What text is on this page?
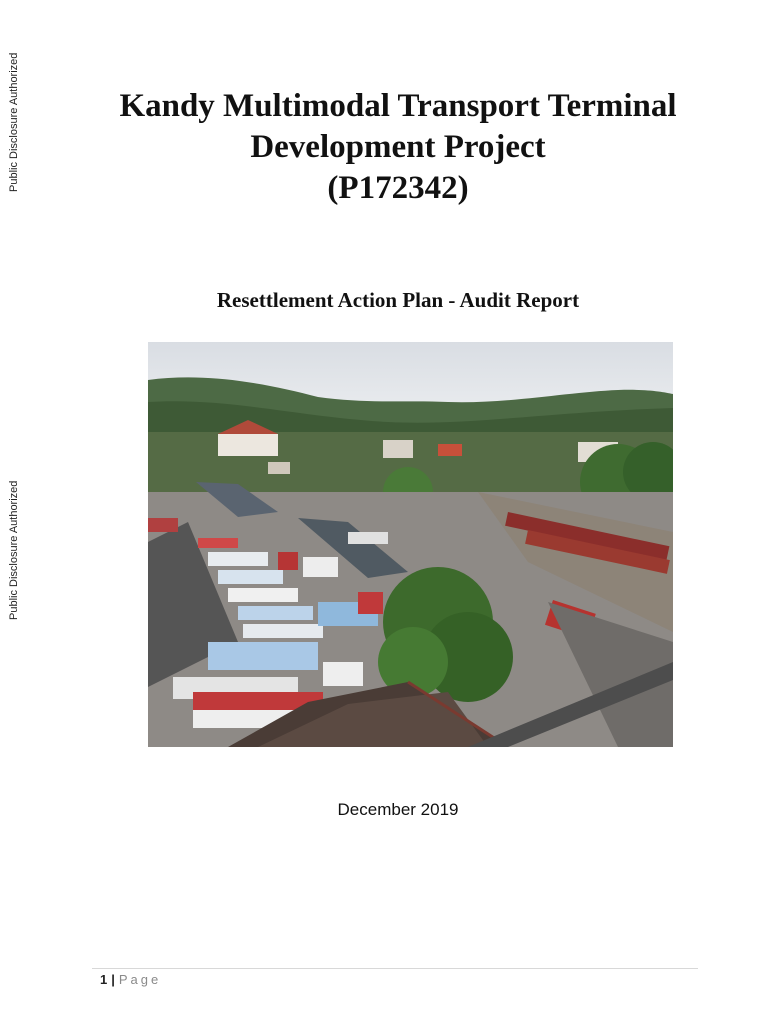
Public Disclosure Authorized
Public Disclosure Authorized
Kandy Multimodal Transport Terminal
Development Project
(P172342)
Resettlement Action Plan - Audit Report
December 2019
1 | Page
